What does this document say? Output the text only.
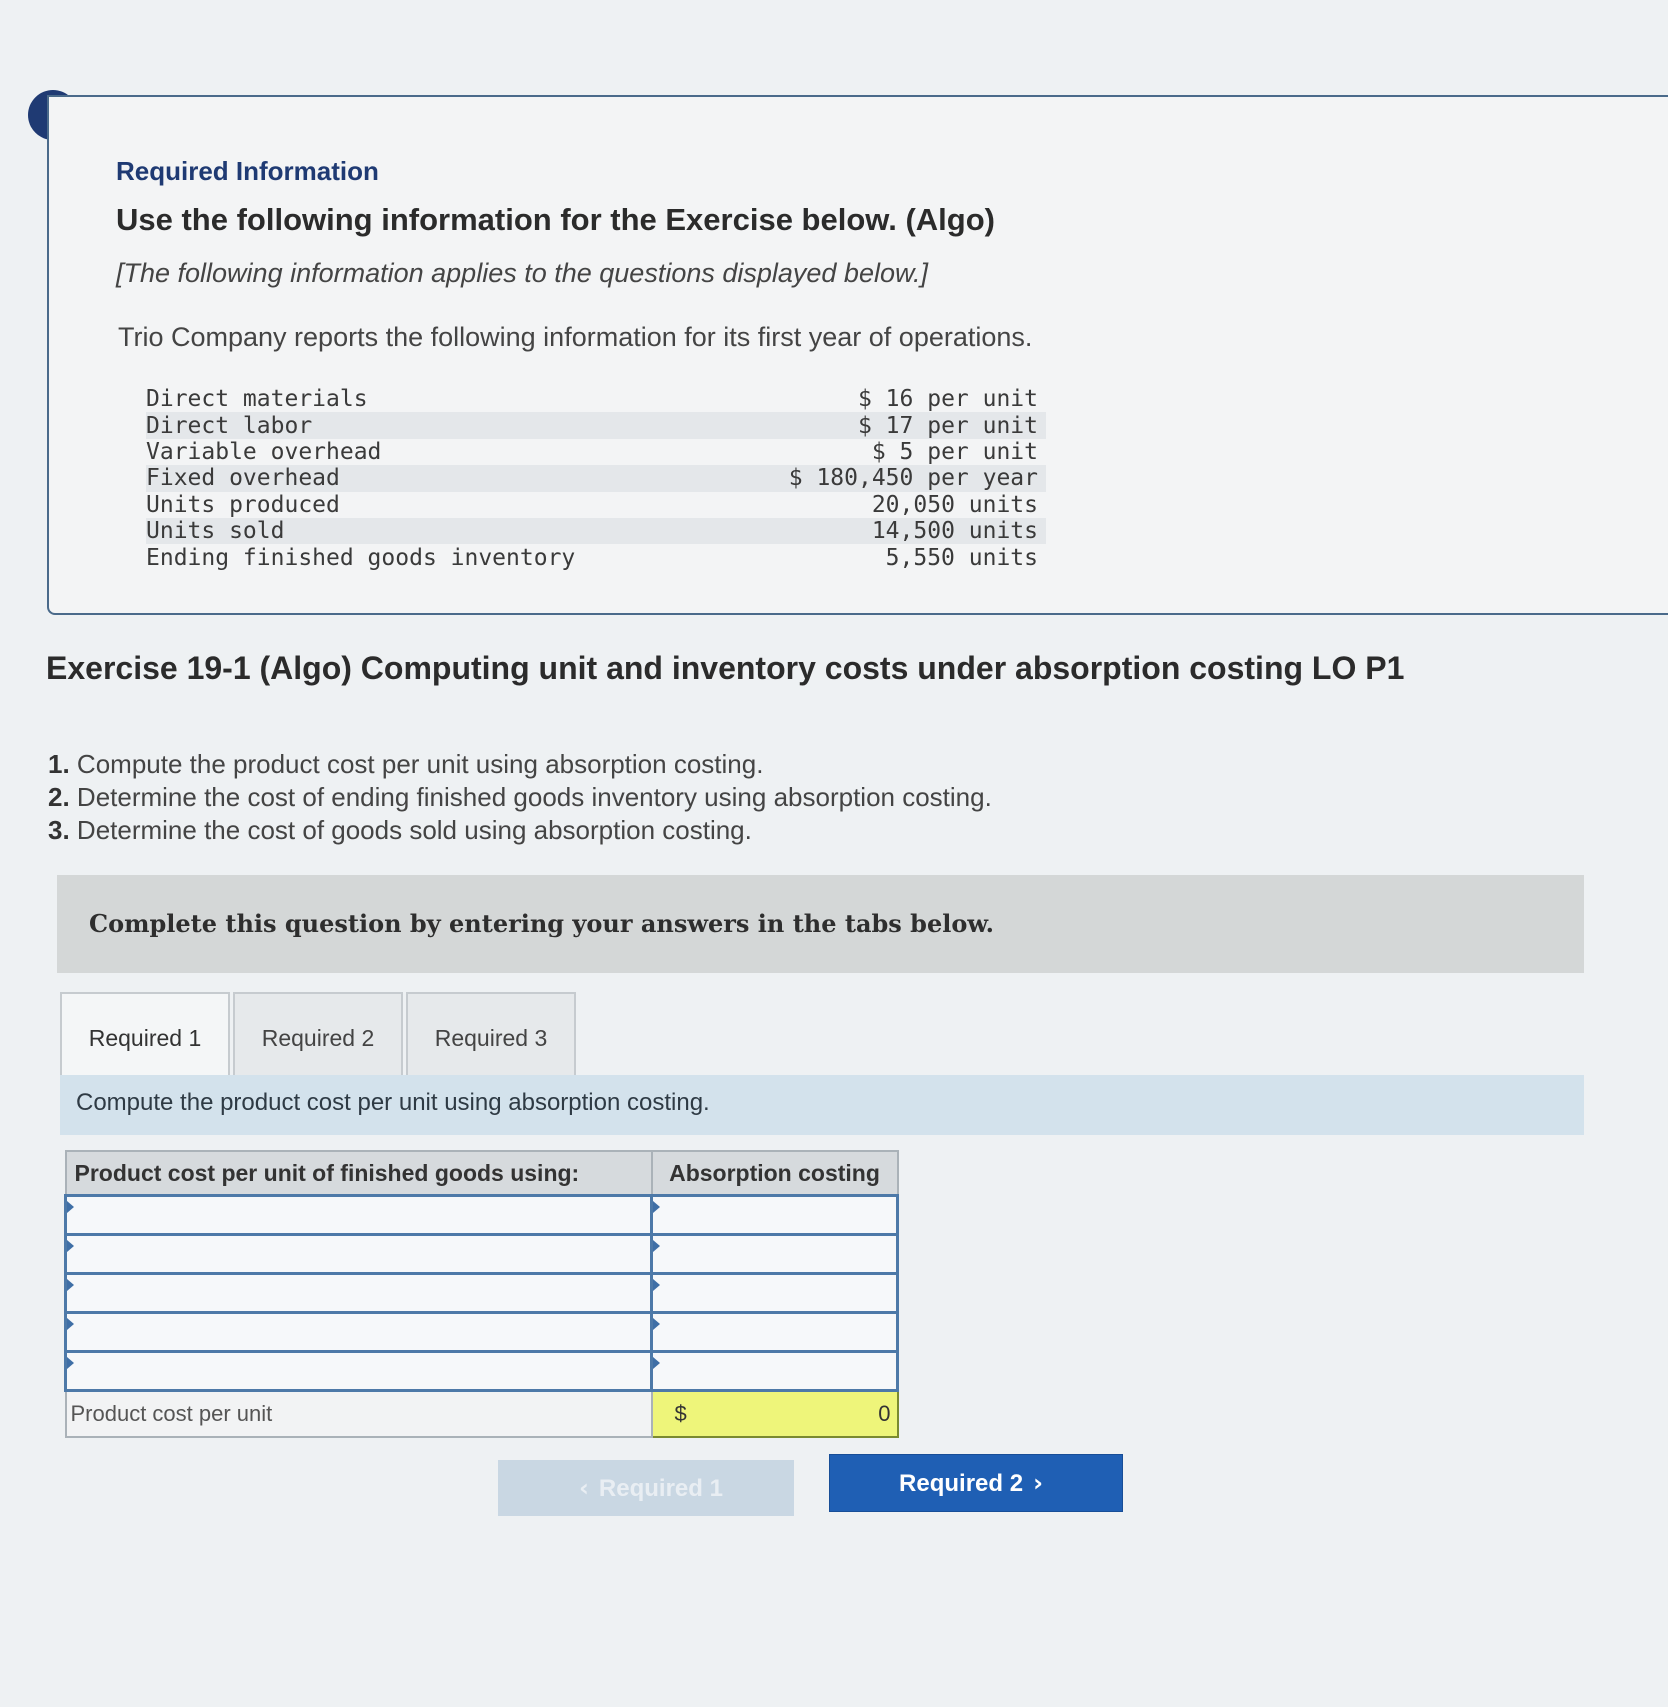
Required Information
Use the following information for the Exercise below. (Algo)

[The following information applies to the questions displayed below.]

Trio Company reports the following information for its first year of operations.

Direct materials	$ 16 per unit
Direct labor	$ 17 per unit
Variable overhead	$ 5 per unit
Fixed overhead	$ 180,450 per year
Units produced	20,050 units
Units sold	14,500 units
Ending finished goods inventory	5,550 units
Exercise 19-1 (Algo) Computing unit and inventory costs under absorption costing LO P1
1. Compute the product cost per unit using absorption costing.
2. Determine the cost of ending finished goods inventory using absorption costing.
3. Determine the cost of goods sold using absorption costing.

Complete this question by entering your answers in the tabs below.

Required 1	Required 2	Required 3

Compute the product cost per unit using absorption costing.

Product cost per unit of finished goods using:	Absorption costing

Product cost per unit	$ 0
‹ Required 1	Required 2 ›
